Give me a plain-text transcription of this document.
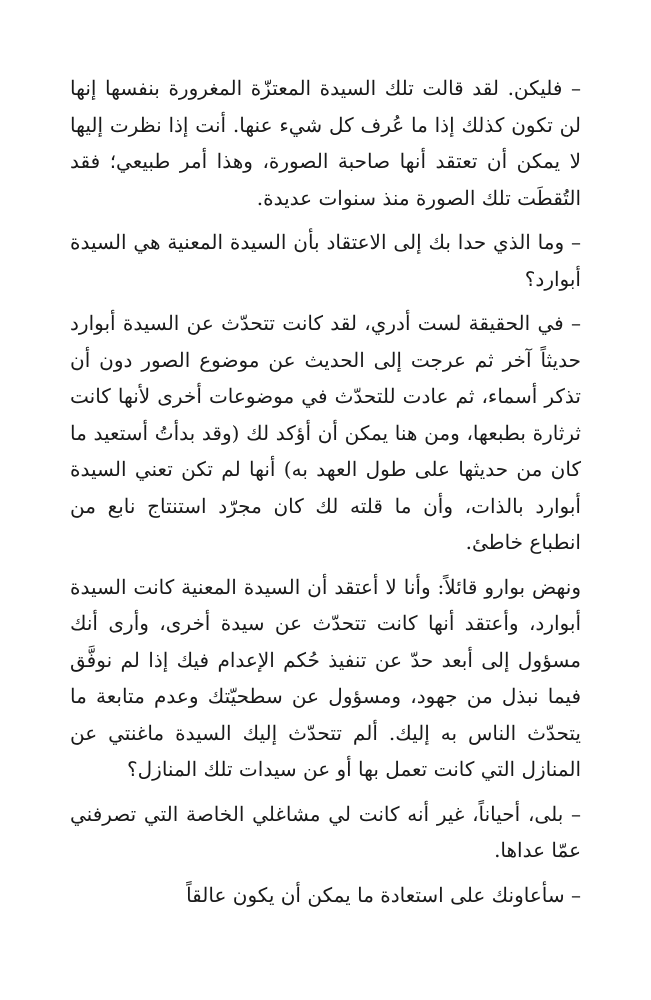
– فليكن. لقد قالت تلك السيدة المعتزّة المغرورة بنفسها إنها لن تكون كذلك إذا ما عُرف كل شيء عنها. أنت إذا نظرت إليها لا يمكن أن تعتقد أنها صاحبة الصورة، وهذا أمر طبيعي؛ فقد التُقطَت تلك الصورة منذ سنوات عديدة.

– وما الذي حدا بك إلى الاعتقاد بأن السيدة المعنية هي السيدة أبوارد؟

– في الحقيقة لست أدري، لقد كانت تتحدّث عن السيدة أبوارد حديثاً آخر ثم عرجت إلى الحديث عن موضوع الصور دون أن تذكر أسماء، ثم عادت للتحدّث في موضوعات أخرى لأنها كانت ثرثارة بطبعها، ومن هنا يمكن أن أؤكد لك (وقد بدأتُ أستعيد ما كان من حديثها على طول العهد به) أنها لم تكن تعني السيدة أبوارد بالذات، وأن ما قلته لك كان مجرّد استنتاج نابع من انطباع خاطئ.

ونهض بوارو قائلاً: وأنا لا أعتقد أن السيدة المعنية كانت السيدة أبوارد، وأعتقد أنها كانت تتحدّث عن سيدة أخرى، وأرى أنك مسؤول إلى أبعد حدّ عن تنفيذ حُكم الإعدام فيك إذا لم نوفَّق فيما نبذل من جهود، ومسؤول عن سطحيّتك وعدم متابعة ما يتحدّث الناس به إليك. ألم تتحدّث إليك السيدة ماغنتي عن المنازل التي كانت تعمل بها أو عن سيدات تلك المنازل؟

– بلى، أحياناً، غير أنه كانت لي مشاغلي الخاصة التي تصرفني عمّا عداها.

– سأعاونك على استعادة ما يمكن أن يكون عالقاً
